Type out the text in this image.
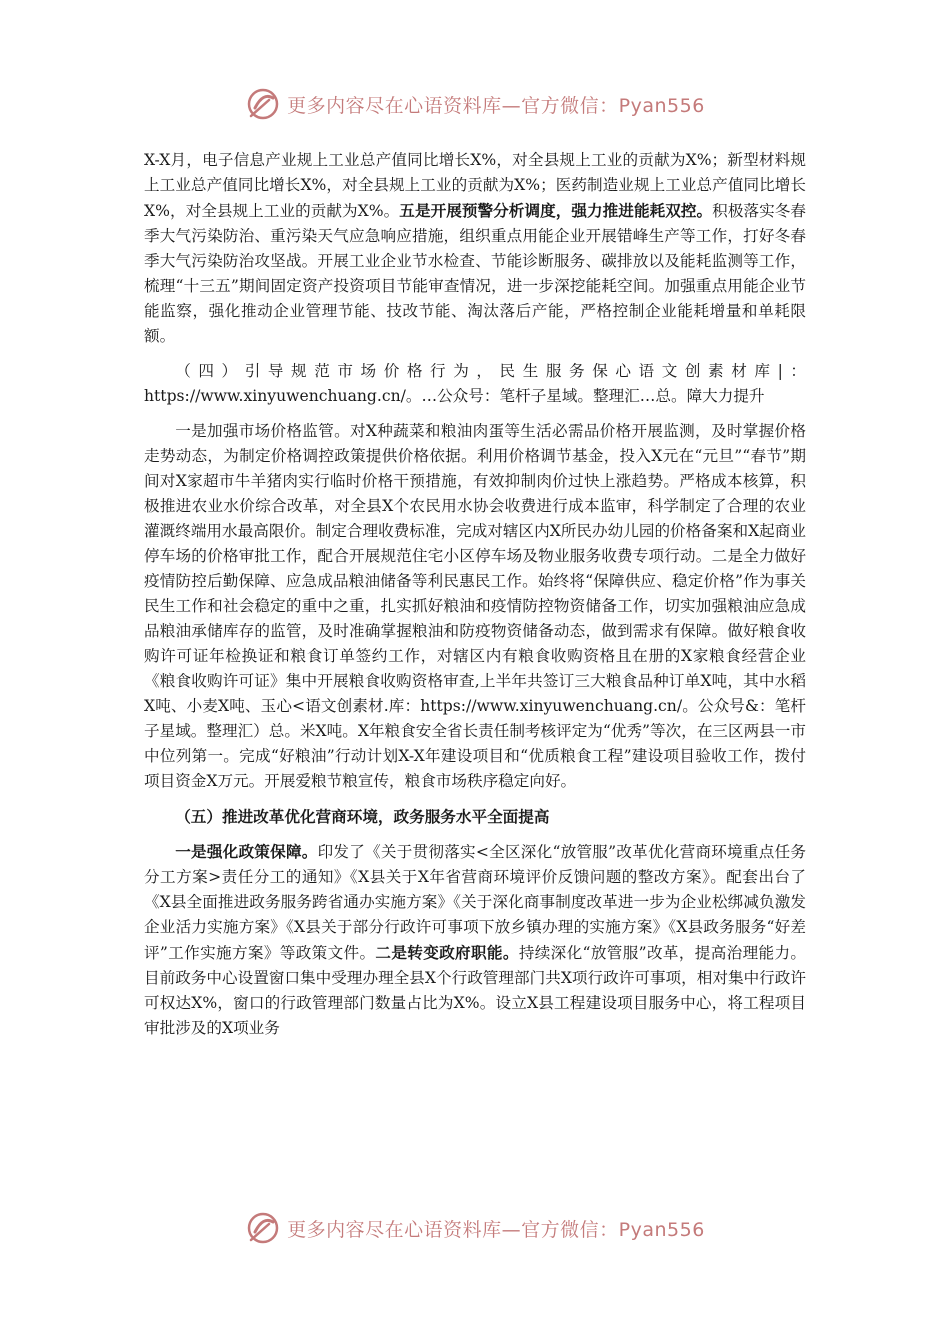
更多内容尽在心语资料库—官方微信：Pyan556

X-X月，电子信息产业规上工业总产值同比增长X%，对全县规上工业的贡献为X%；新型材料规上工业总产值同比增长X%，对全县规上工业的贡献为X%；医药制造业规上工业总产值同比增长X%，对全县规上工业的贡献为X%。五是开展预警分析调度，强力推进能耗双控。积极落实冬春季大气污染防治、重污染天气应急响应措施，组织重点用能企业开展错峰生产等工作，打好冬春季大气污染防治攻坚战。开展工业企业节水检查、节能诊断服务、碳排放以及能耗监测等工作，梳理“十三五”期间固定资产投资项目节能审查情况，进一步深挖能耗空间。加强重点用能企业节能监察，强化推动企业管理节能、技改节能、淘汰落后产能，严格控制企业能耗增量和单耗限额。

（四）引导规范市场价格行为，民生服务保心语文创素材库|：https://www.xinyuwenchuang.cn/。…公众号：笔杆子星域。整理汇…总。障大力提升

一是加强市场价格监管。对X种蔬菜和粮油肉蛋等生活必需品价格开展监测，及时掌握价格走势动态，为制定价格调控政策提供价格依据。利用价格调节基金，投入X元在“元旦”“春节”期间对X家超市牛羊猪肉实行临时价格干预措施，有效抑制肉价过快上涨趋势。严格成本核算，积极推进农业水价综合改革，对全县X个农民用水协会收费进行成本监审，科学制定了合理的农业灌溉终端用水最高限价。制定合理收费标准，完成对辖区内X所民办幼儿园的价格备案和X起商业停车场的价格审批工作，配合开展规范住宅小区停车场及物业服务收费专项行动。二是全力做好疫情防控后勤保障、应急成品粮油储备等利民惠民工作。始终将“保障供应、稳定价格”作为事关民生工作和社会稳定的重中之重，扎实抓好粮油和疫情防控物资储备工作，切实加强粮油应急成品粮油承储库存的监管，及时准确掌握粮油和防疫物资储备动态，做到需求有保障。做好粮食收购许可证年检换证和粮食订单签约工作，对辖区内有粮食收购资格且在册的X家粮食经营企业《粮食收购许可证》集中开展粮食收购资格审查,上半年共签订三大粮食品种订单X吨，其中水稻X吨、小麦X吨、玉心<语文创素材.库：https://www.xinyuwenchuang.cn/。公众号&：笔杆子星域。整理汇）总。米X吨。X年粮食安全省长责任制考核评定为“优秀”等次，在三区两县一市中位列第一。完成“好粮油”行动计划X-X年建设项目和“优质粮食工程”建设项目验收工作，拨付项目资金X万元。开展爱粮节粮宣传，粮食市场秩序稳定向好。

（五）推进改革优化营商环境，政务服务水平全面提高

一是强化政策保障。印发了《关于贯彻落实<全区深化“放管服”改革优化营商环境重点任务分工方案>责任分工的通知》《X县关于X年省营商环境评价反馈问题的整改方案》。配套出台了《X县全面推进政务服务跨省通办实施方案》《关于深化商事制度改革进一步为企业松绑减负激发企业活力实施方案》《X县关于部分行政许可事项下放乡镇办理的实施方案》《X县政务服务“好差评”工作实施方案》等政策文件。二是转变政府职能。持续深化“放管服”改革，提高治理能力。目前政务中心设置窗口集中受理办理全县X个行政管理部门共X项行政许可事项，相对集中行政许可权达X%，窗口的行政管理部门数量占比为X%。设立X县工程建设项目服务中心，将工程项目审批涉及的X项业务

更多内容尽在心语资料库—官方微信：Pyan556
